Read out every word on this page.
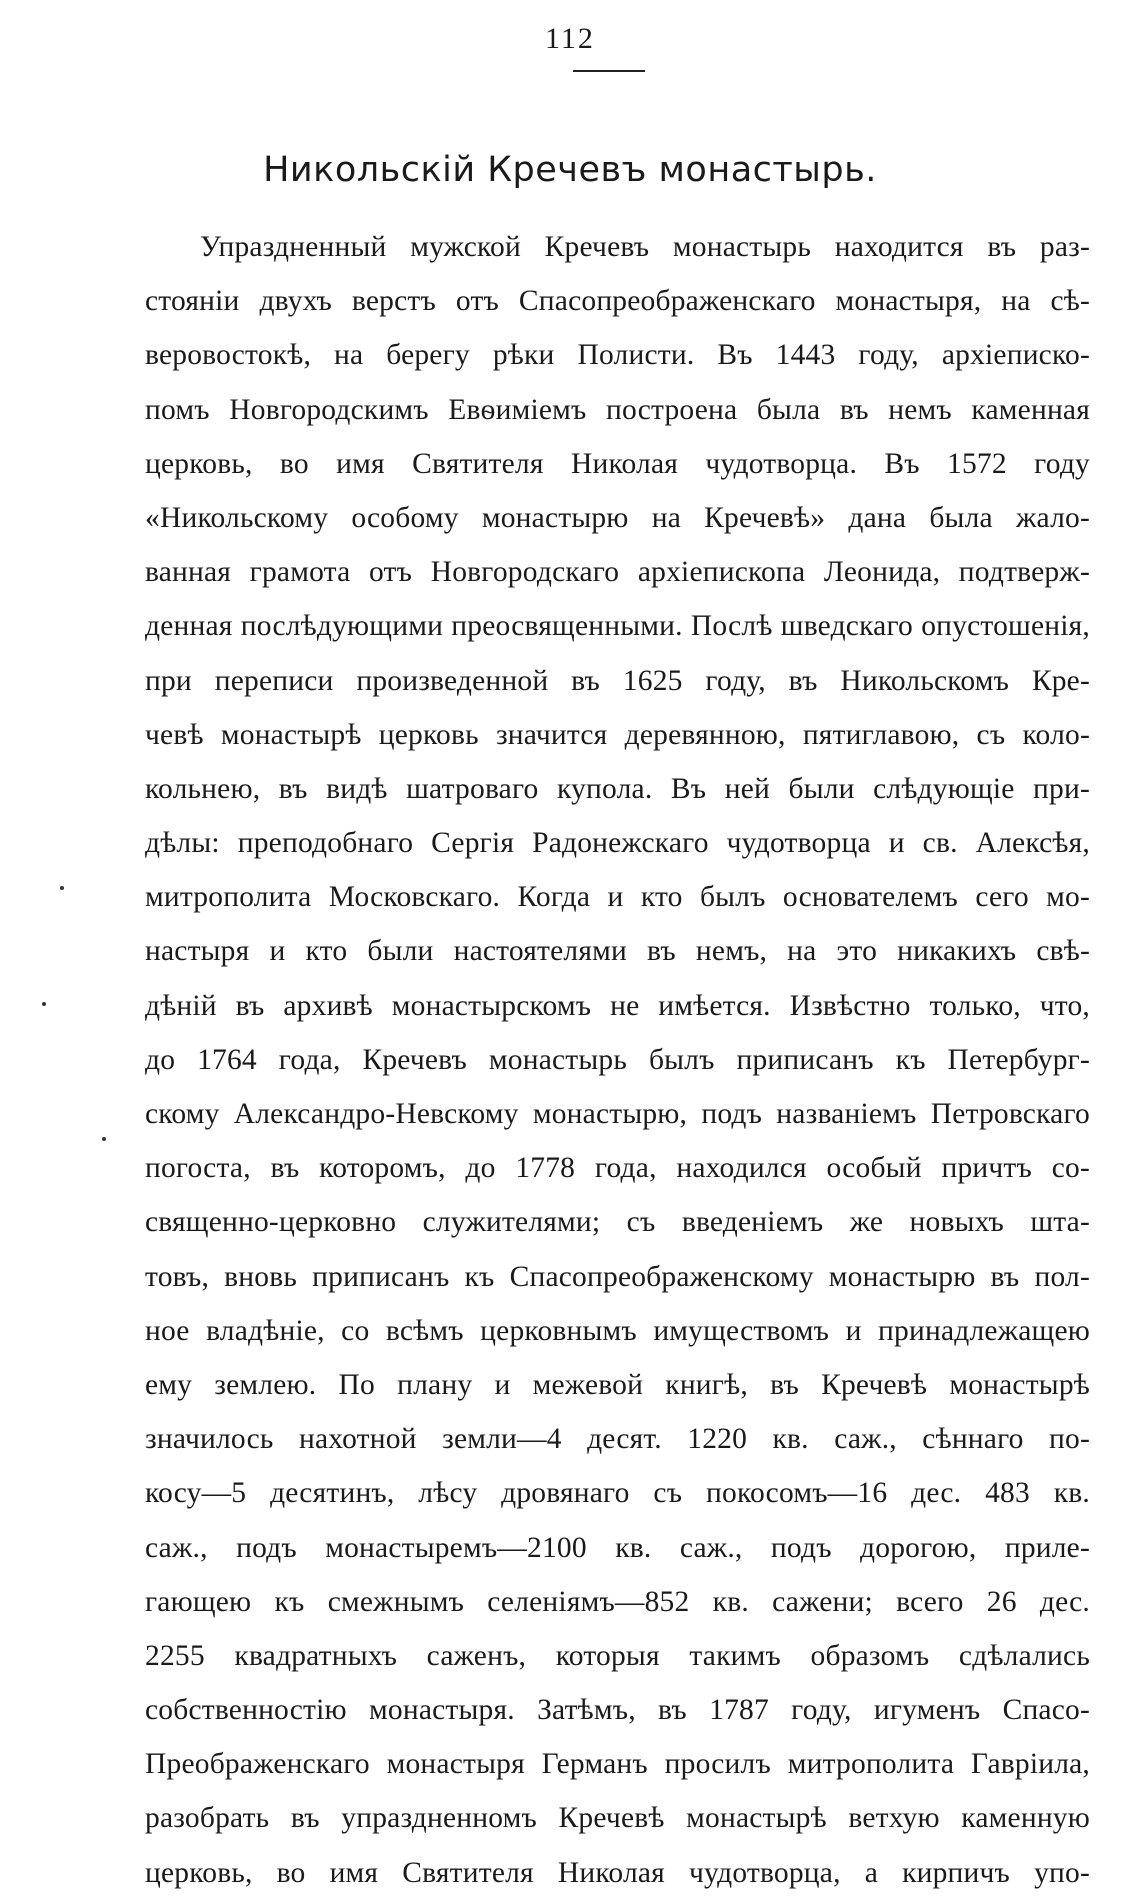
112
Никольскій Кречевъ монастырь.
Упраздненный мужской Кречевъ монастырь находится въ раз-
стояніи двухъ верстъ отъ Спасопреображенскаго монастыря, на сѣ-
веровостокѣ, на берегу рѣки Полисти. Въ 1443 году, архіеписко-
помъ Новгородскимъ Евѳиміемъ построена была въ немъ каменная
церковь, во имя Святителя Николая чудотворца. Въ 1572 году
«Никольскому особому монастырю на Кречевѣ» дана была жало-
ванная грамота отъ Новгородскаго архіепископа Леонида, подтверж-
денная послѣдующими преосвященными. Послѣ шведскаго опустошенія,
при переписи произведенной въ 1625 году, въ Никольскомъ Кре-
чевѣ монастырѣ церковь значится деревянною, пятиглавою, съ коло-
кольнею, въ видѣ шатроваго купола. Въ ней были слѣдующіе при-
дѣлы: преподобнаго Сергія Радонежскаго чудотворца и св. Алексѣя,
митрополита Московскаго. Когда и кто былъ основателемъ сего мо-
настыря и кто были настоятелями въ немъ, на это никакихъ свѣ-
дѣній въ архивѣ монастырскомъ не имѣется. Извѣстно только, что,
до 1764 года, Кречевъ монастырь былъ приписанъ къ Петербург-
скому Александро-Невскому монастырю, подъ названіемъ Петровскаго
погоста, въ которомъ, до 1778 года, находился особый причтъ со-
священно-церковно служителями; съ введеніемъ же новыхъ шта-
товъ, вновь приписанъ къ Спасопреображенскому монастырю въ пол-
ное владѣніе, со всѣмъ церковнымъ имуществомъ и принадлежащею
ему землею. По плану и межевой книгѣ, въ Кречевѣ монастырѣ
значилось нахотной земли—4 десят. 1220 кв. саж., сѣннаго по-
косу—5 десятинъ, лѣсу дровянаго съ покосомъ—16 дес. 483 кв.
саж., подъ монастыремъ—2100 кв. саж., подъ дорогою, приле-
гающею къ смежнымъ селеніямъ—852 кв. сажени; всего 26 дес.
2255 квадратныхъ саженъ, которыя такимъ образомъ сдѣлались
собственностію монастыря. Затѣмъ, въ 1787 году, игуменъ Спасо-
Преображенскаго монастыря Германъ просилъ митрополита Гавріила,
разобрать въ упраздненномъ Кречевѣ монастырѣ ветхую каменную
церковь, во имя Святителя Николая чудотворца, а кирпичъ упо-
